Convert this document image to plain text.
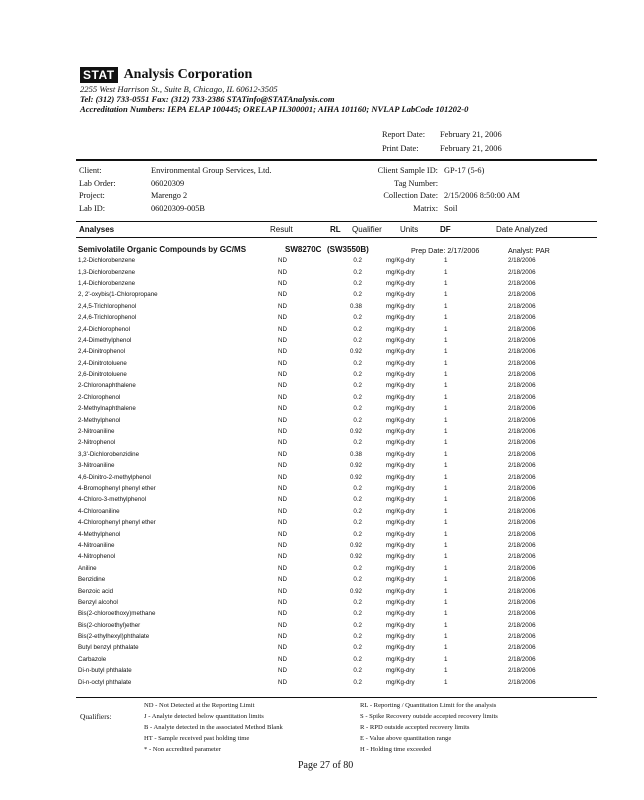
STAT Analysis Corporation
2255 West Harrison St., Suite B, Chicago, IL 60612-3505
Tel: (312) 733-0551 Fax: (312) 733-2386 STATinfo@STATAnalysis.com
Accreditation Numbers: IEPA ELAP 100445; ORELAP IL300001; AIHA 101160; NVLAP LabCode 101202-0
Report Date: February 21, 2006
Print Date:	February 21, 2006
Client:	Environmental Group Services, Ltd.
Lab Order:	06020309
Project:	Marengo 2
Lab ID:	06020309-005B
Client Sample ID: GP-17 (5-6)
Tag Number:
Collection Date: 2/15/2006 8:50:00 AM
Matrix: Soil
Analyses	Result	RL Qualifier Units	DF	Date Analyzed
Semivolatile Organic Compounds by GC/MS	SW8270C (SW3550B)	Prep Date: 2/17/2006	Analyst: PAR
1,2-Dichlorobenzene	ND	0.2		mg/Kg-dry	1	2/18/2006
1,3-Dichlorobenzene	ND	0.2		mg/Kg-dry	1	2/18/2006
1,4-Dichlorobenzene	ND	0.2		mg/Kg-dry	1	2/18/2006
2, 2'-oxybis(1-Chloropropane	ND	0.2		mg/Kg-dry	1	2/18/2006
2,4,5-Trichlorophenol	ND	0.38		mg/Kg-dry	1	2/18/2006
2,4,6-Trichlorophenol	ND	0.2		mg/Kg-dry	1	2/18/2006
2,4-Dichlorophenol	ND	0.2		mg/Kg-dry	1	2/18/2006
2,4-Dimethylphenol	ND	0.2		mg/Kg-dry	1	2/18/2006
2,4-Dinitrophenol	ND	0.92		mg/Kg-dry	1	2/18/2006
2,4-Dinitrotoluene	ND	0.2		mg/Kg-dry	1	2/18/2006
2,6-Dinitrotoluene	ND	0.2		mg/Kg-dry	1	2/18/2006
2-Chloronaphthalene	ND	0.2		mg/Kg-dry	1	2/18/2006
2-Chlorophenol	ND	0.2		mg/Kg-dry	1	2/18/2006
2-Methylnaphthalene	ND	0.2		mg/Kg-dry	1	2/18/2006
2-Methylphenol	ND	0.2		mg/Kg-dry	1	2/18/2006
2-Nitroaniline	ND	0.92		mg/Kg-dry	1	2/18/2006
2-Nitrophenol	ND	0.2		mg/Kg-dry	1	2/18/2006
3,3'-Dichlorobenzidine	ND	0.38		mg/Kg-dry	1	2/18/2006
3-Nitroaniline	ND	0.92		mg/Kg-dry	1	2/18/2006
4,6-Dinitro-2-methylphenol	ND	0.92		mg/Kg-dry	1	2/18/2006
4-Bromophenyl phenyl ether	ND	0.2		mg/Kg-dry	1	2/18/2006
4-Chloro-3-methylphenol	ND	0.2		mg/Kg-dry	1	2/18/2006
4-Chloroaniline	ND	0.2		mg/Kg-dry	1	2/18/2006
4-Chlorophenyl phenyl ether	ND	0.2		mg/Kg-dry	1	2/18/2006
4-Methylphenol	ND	0.2		mg/Kg-dry	1	2/18/2006
4-Nitroaniline	ND	0.92		mg/Kg-dry	1	2/18/2006
4-Nitrophenol	ND	0.92		mg/Kg-dry	1	2/18/2006
Aniline	ND	0.2		mg/Kg-dry	1	2/18/2006
Benzidine	ND	0.2		mg/Kg-dry	1	2/18/2006
Benzoic acid	ND	0.92		mg/Kg-dry	1	2/18/2006
Benzyl alcohol	ND	0.2		mg/Kg-dry	1	2/18/2006
Bis(2-chloroethoxy)methane	ND	0.2		mg/Kg-dry	1	2/18/2006
Bis(2-chloroethyl)ether	ND	0.2		mg/Kg-dry	1	2/18/2006
Bis(2-ethylhexyl)phthalate	ND	0.2		mg/Kg-dry	1	2/18/2006
Butyl benzyl phthalate	ND	0.2		mg/Kg-dry	1	2/18/2006
Carbazole	ND	0.2		mg/Kg-dry	1	2/18/2006
Di-n-butyl phthalate	ND	0.2		mg/Kg-dry	1	2/18/2006
Di-n-octyl phthalate	ND	0.2		mg/Kg-dry	1	2/18/2006
Qualifiers:
ND - Not Detected at the Reporting Limit
J - Analyte detected below quantitation limits
B - Analyte detected in the associated Method Blank
HT - Sample received past holding time
* - Non accredited parameter
RL - Reporting / Quantitation Limit for the analysis
S - Spike Recovery outside accepted recovery limits
R - RPD outside accepted recovery limits
E - Value above quantitation range
H - Holding time exceeded
Page 27 of 80
